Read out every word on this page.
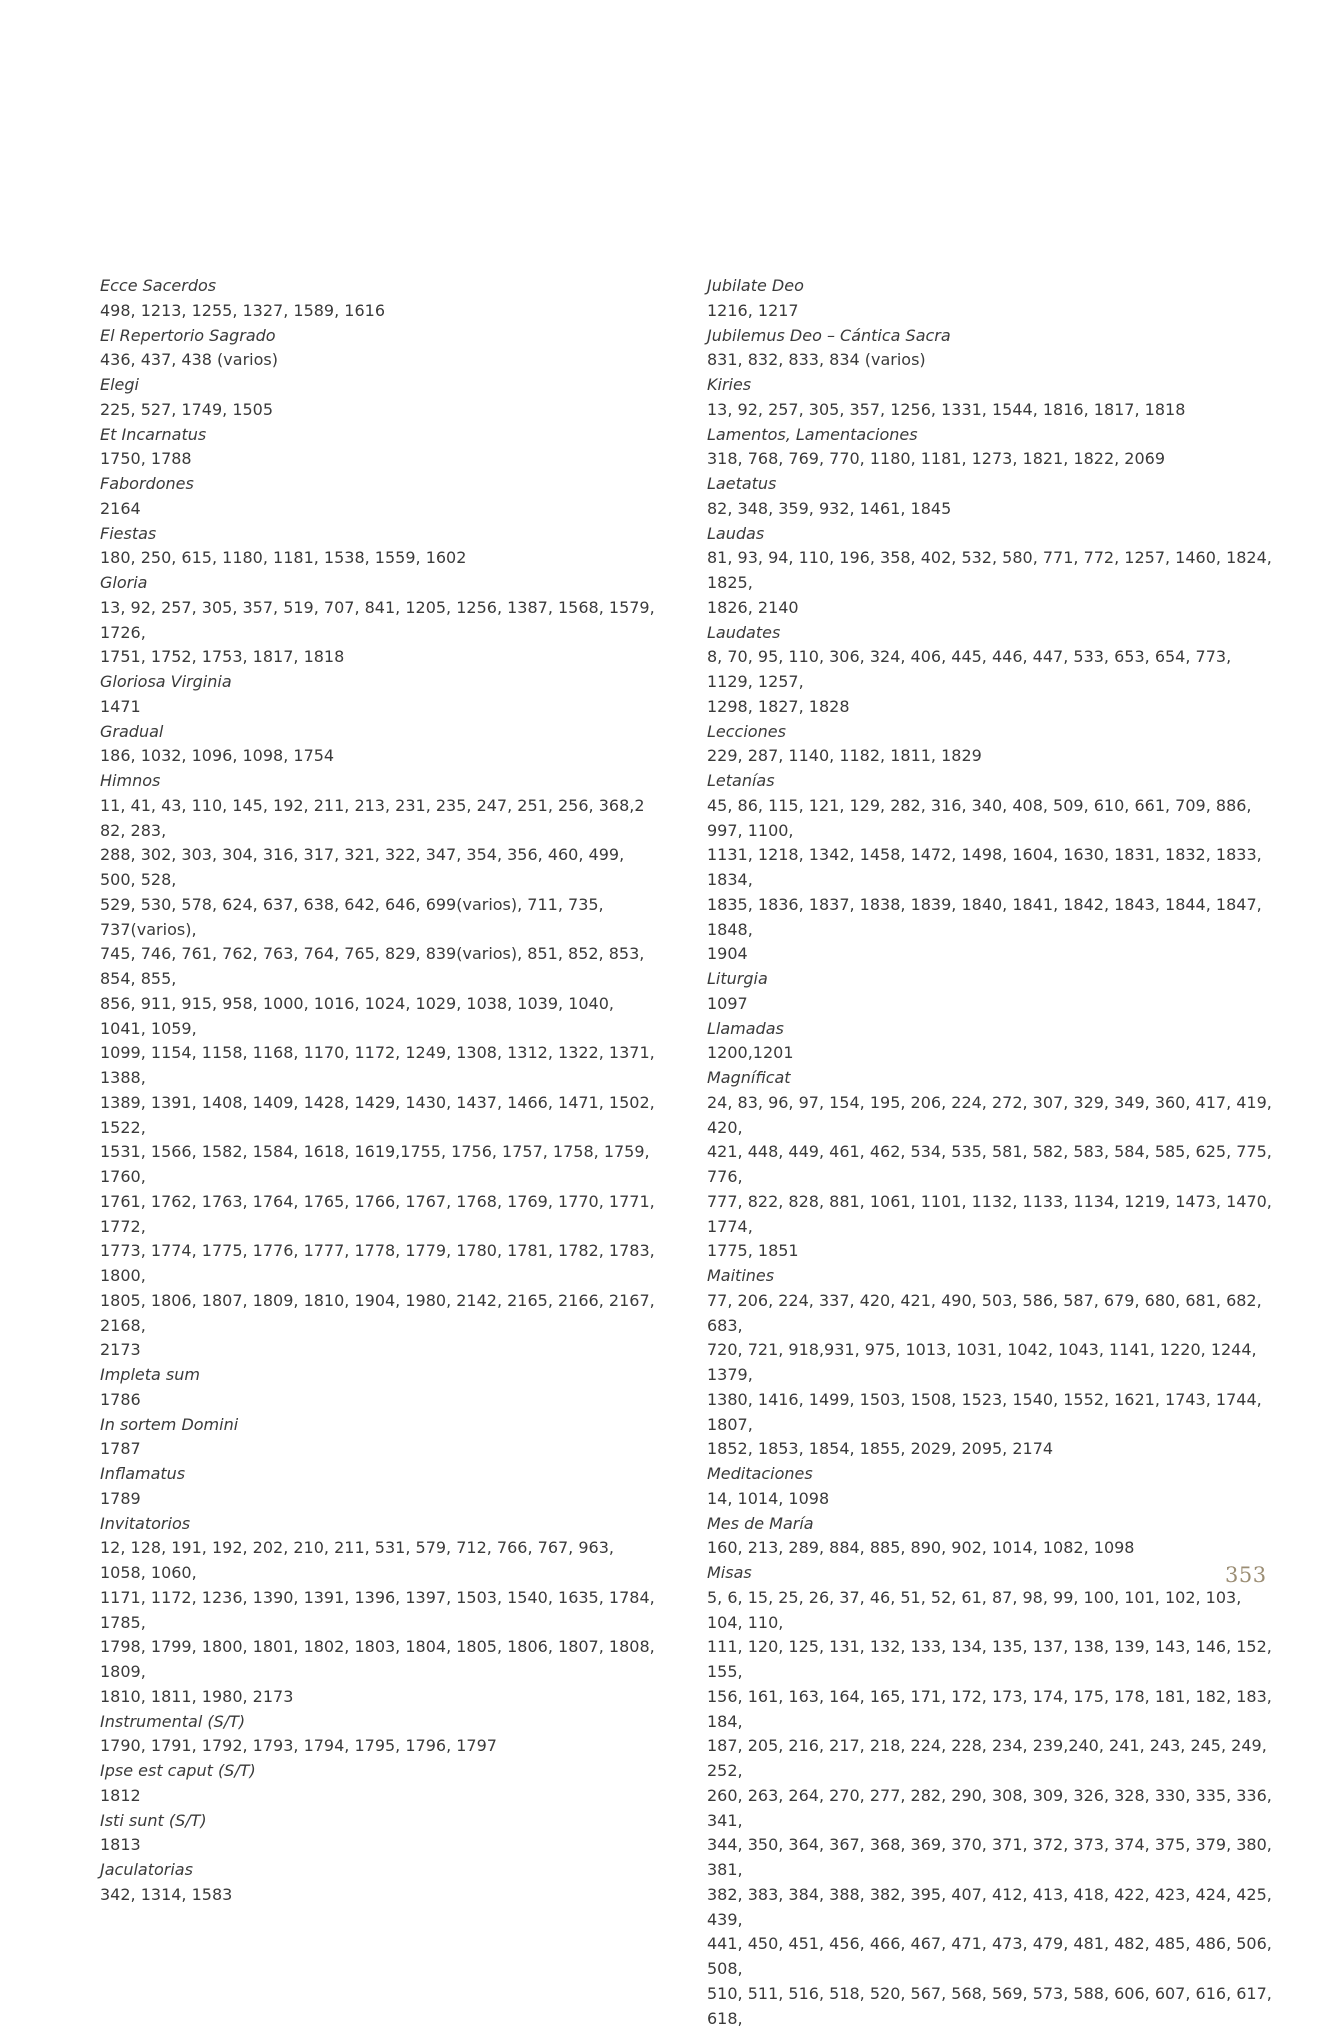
Ecce Sacerdos
498, 1213, 1255, 1327, 1589, 1616
El Repertorio Sagrado
436, 437, 438 (varios)
Elegi
225, 527, 1749, 1505
Et Incarnatus
1750, 1788
Fabordones
2164
Fiestas
180, 250, 615, 1180, 1181, 1538, 1559, 1602
Gloria
13, 92, 257, 305, 357, 519, 707, 841, 1205, 1256, 1387, 1568, 1579, 1726,
1751, 1752, 1753, 1817, 1818
Gloriosa Virginia
1471
Gradual
186, 1032, 1096, 1098, 1754
Himnos
11, 41, 43, 110, 145, 192, 211, 213, 231, 235, 247, 251, 256, 368,2 82, 283,
288, 302, 303, 304, 316, 317, 321, 322, 347, 354, 356, 460, 499, 500, 528,
529, 530, 578, 624, 637, 638, 642, 646, 699(varios), 711, 735, 737(varios),
745, 746, 761, 762, 763, 764, 765, 829, 839(varios), 851, 852, 853, 854, 855,
856, 911, 915, 958, 1000, 1016, 1024, 1029, 1038, 1039, 1040, 1041, 1059,
1099, 1154, 1158, 1168, 1170, 1172, 1249, 1308, 1312, 1322, 1371, 1388,
1389, 1391, 1408, 1409, 1428, 1429, 1430, 1437, 1466, 1471, 1502, 1522,
1531, 1566, 1582, 1584, 1618, 1619,1755, 1756, 1757, 1758, 1759, 1760,
1761, 1762, 1763, 1764, 1765, 1766, 1767, 1768, 1769, 1770, 1771, 1772,
1773, 1774, 1775, 1776, 1777, 1778, 1779, 1780, 1781, 1782, 1783, 1800,
1805, 1806, 1807, 1809, 1810, 1904, 1980, 2142, 2165, 2166, 2167, 2168,
2173
Impleta sum
1786
In sortem Domini
1787
Inflamatus
1789
Invitatorios
12, 128, 191, 192, 202, 210, 211, 531, 579, 712, 766, 767, 963, 1058, 1060,
1171, 1172, 1236, 1390, 1391, 1396, 1397, 1503, 1540, 1635, 1784, 1785,
1798, 1799, 1800, 1801, 1802, 1803, 1804, 1805, 1806, 1807, 1808, 1809,
1810, 1811, 1980, 2173
Instrumental (S/T)
1790, 1791, 1792, 1793, 1794, 1795, 1796, 1797
Ipse est caput (S/T)
1812
Isti sunt (S/T)
1813
Jaculatorias
342, 1314, 1583
Jubilate Deo
1216, 1217
Jubilemus Deo – Cántica Sacra
831, 832, 833, 834 (varios)
Kiries
13, 92, 257, 305, 357, 1256, 1331, 1544, 1816, 1817, 1818
Lamentos, Lamentaciones
318, 768, 769, 770, 1180, 1181, 1273, 1821, 1822, 2069
Laetatus
82, 348, 359, 932, 1461, 1845
Laudas
81, 93, 94, 110, 196, 358, 402, 532, 580, 771, 772, 1257, 1460, 1824, 1825,
1826, 2140
Laudates
8, 70, 95, 110, 306, 324, 406, 445, 446, 447, 533, 653, 654, 773, 1129, 1257,
1298, 1827, 1828
Lecciones
229, 287, 1140, 1182, 1811, 1829
Letanías
45, 86, 115, 121, 129, 282, 316, 340, 408, 509, 610, 661, 709, 886, 997, 1100,
1131, 1218, 1342, 1458, 1472, 1498, 1604, 1630, 1831, 1832, 1833, 1834,
1835, 1836, 1837, 1838, 1839, 1840, 1841, 1842, 1843, 1844, 1847, 1848,
1904
Liturgia
1097
Llamadas
1200,1201
Magníficat
24, 83, 96, 97, 154, 195, 206, 224, 272, 307, 329, 349, 360, 417, 419, 420,
421, 448, 449, 461, 462, 534, 535, 581, 582, 583, 584, 585, 625, 775, 776,
777, 822, 828, 881, 1061, 1101, 1132, 1133, 1134, 1219, 1473, 1470, 1774,
1775, 1851
Maitines
77, 206, 224, 337, 420, 421, 490, 503, 586, 587, 679, 680, 681, 682, 683,
720, 721, 918,931, 975, 1013, 1031, 1042, 1043, 1141, 1220, 1244, 1379,
1380, 1416, 1499, 1503, 1508, 1523, 1540, 1552, 1621, 1743, 1744, 1807,
1852, 1853, 1854, 1855, 2029, 2095, 2174
Meditaciones
14, 1014, 1098
Mes de María
160, 213, 289, 884, 885, 890, 902, 1014, 1082, 1098
Misas
5, 6, 15, 25, 26, 37, 46, 51, 52, 61, 87, 98, 99, 100, 101, 102, 103, 104, 110,
111, 120, 125, 131, 132, 133, 134, 135, 137, 138, 139, 143, 146, 152, 155,
156, 161, 163, 164, 165, 171, 172, 173, 174, 175, 178, 181, 182, 183, 184,
187, 205, 216, 217, 218, 224, 228, 234, 239,240, 241, 243, 245, 249, 252,
260, 263, 264, 270, 277, 282, 290, 308, 309, 326, 328, 330, 335, 336, 341,
344, 350, 364, 367, 368, 369, 370, 371, 372, 373, 374, 375, 379, 380, 381,
382, 383, 384, 388, 382, 395, 407, 412, 413, 418, 422, 423, 424, 425, 439,
441, 450, 451, 456, 466, 467, 471, 473, 479, 481, 482, 485, 486, 506, 508,
510, 511, 516, 518, 520, 567, 568, 569, 573, 588, 606, 607, 616, 617, 618,
353
